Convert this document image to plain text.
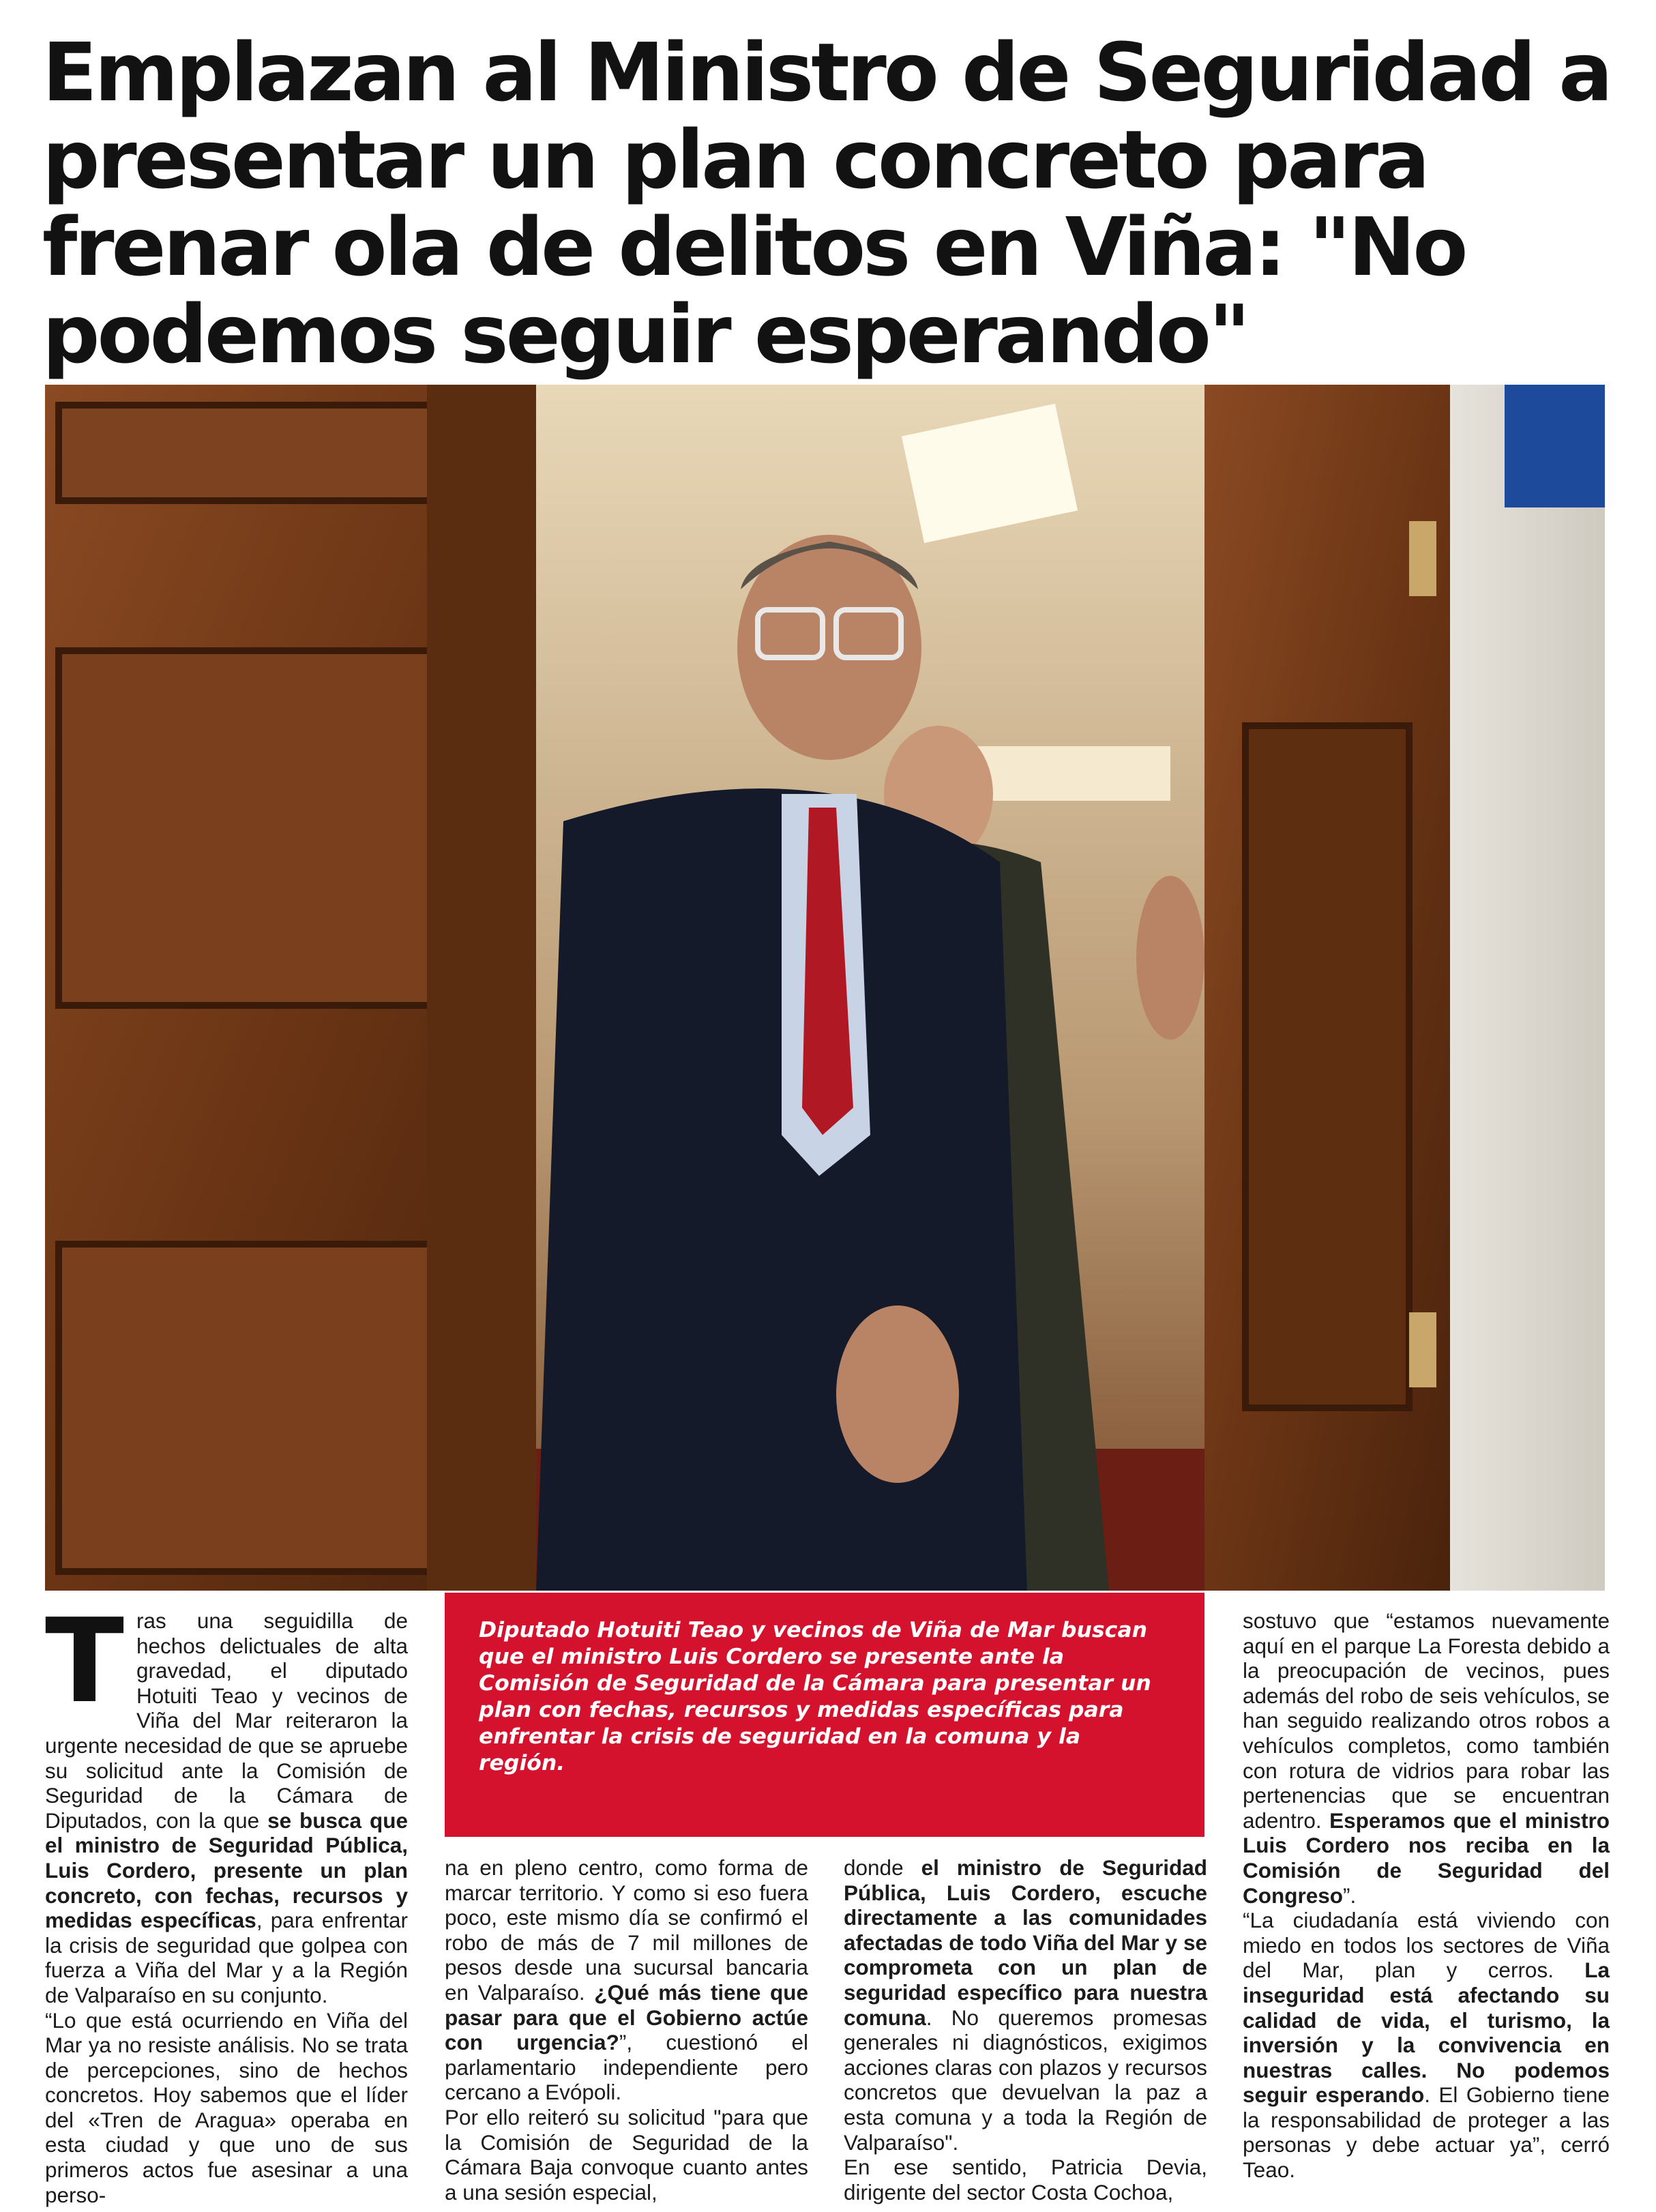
Emplazan al Ministro de Seguridad a presentar un plan concreto para frenar ola de delitos en Viña: "No podemos seguir esperando"

Tras una seguidilla de hechos delictuales de alta gravedad, el diputado Hotuiti Teao y vecinos de Viña del Mar reiteraron la urgente necesidad de que se apruebe su solicitud ante la Comisión de Seguridad de la Cámara de Diputados, con la que se busca que el ministro de Seguridad Pública, Luis Cordero, presente un plan concreto, con fechas, recursos y medidas específicas, para enfrentar la crisis de seguridad que golpea con fuerza a Viña del Mar y a la Región de Valparaíso en su conjunto.

“Lo que está ocurriendo en Viña del Mar ya no resiste análisis. No se trata de percepciones, sino de hechos concretos. Hoy sabemos que el líder del «Tren de Aragua» operaba en esta ciudad y que uno de sus primeros actos fue asesinar a una perso-

Diputado Hotuiti Teao y vecinos de Viña de Mar buscan que el ministro Luis Cordero se presente ante la Comisión de Seguridad de la Cámara para presentar un plan con fechas, recursos y medidas específicas para enfrentar la crisis de seguridad en la comuna y la región.

na en pleno centro, como forma de marcar territorio. Y como si eso fuera poco, este mismo día se confirmó el robo de más de 7 mil millones de pesos desde una sucursal bancaria en Valparaíso. ¿Qué más tiene que pasar para que el Gobierno actúe con urgencia?”, cuestionó el parlamentario independiente pero cercano a Evópoli.

Por ello reiteró su solicitud "para que la Comisión de Seguridad de la Cámara Baja convoque cuanto antes a una sesión especial,

donde el ministro de Seguridad Pública, Luis Cordero, escuche directamente a las comunidades afectadas de todo Viña del Mar y se comprometa con un plan de seguridad específico para nuestra comuna. No queremos promesas generales ni diagnósticos, exigimos acciones claras con plazos y recursos concretos que devuelvan la paz a esta comuna y a toda la Región de Valparaíso".

En ese sentido, Patricia Devia, dirigente del sector Costa Cochoa,

sostuvo que “estamos nuevamente aquí en el parque La Foresta debido a la preocupación de vecinos, pues además del robo de seis vehículos, se han seguido realizando otros robos a vehículos completos, como también con rotura de vidrios para robar las pertenencias que se encuentran adentro. Esperamos que el ministro Luis Cordero nos reciba en la Comisión de Seguridad del Congreso”.

“La ciudadanía está viviendo con miedo en todos los sectores de Viña del Mar, plan y cerros. La inseguridad está afectando su calidad de vida, el turismo, la inversión y la convivencia en nuestras calles. No podemos seguir esperando. El Gobierno tiene la responsabilidad de proteger a las personas y debe actuar ya”, cerró Teao.
